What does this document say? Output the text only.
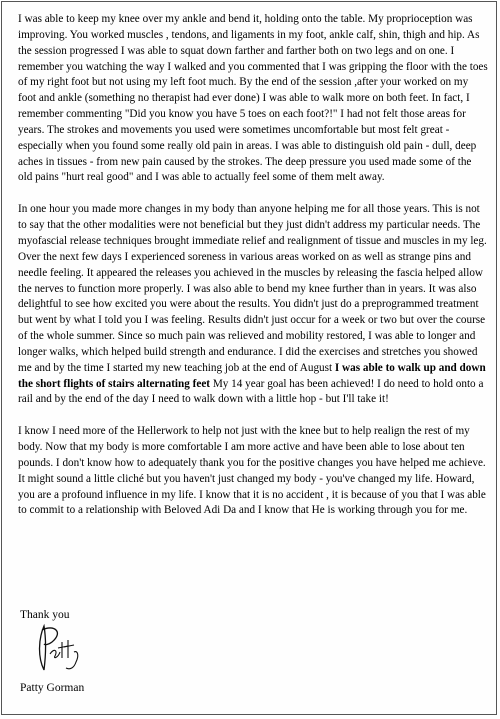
I was able to keep my knee over my ankle and bend it, holding onto the table. My proprioception was improving. You worked muscles , tendons, and ligaments in my foot, ankle calf, shin, thigh and hip. As the session progressed I was able to squat down farther and farther both on two legs and on one. I remember you watching the way I walked and you commented that I was gripping the floor with the toes of my right foot but not using my left foot much. By the end of the session ,after your worked on my foot and ankle (something no therapist had ever done) I was able to walk more on both feet. In fact, I remember commenting "Did you know you have 5 toes on each foot?!" I had not felt those areas for years. The strokes and movements you used were sometimes uncomfortable but most felt great - especially when you found some really old pain in areas. I was able to distinguish old pain - dull, deep aches in tissues - from new pain caused by the strokes. The deep pressure you used made some of the old pains "hurt real good" and I was able to actually feel some of them melt away.

In one hour you made more changes in my body than anyone helping me for all those years. This is not to say that the other modalities were not beneficial but they just didn't address my particular needs. The myofascial release techniques brought immediate relief and realignment of tissue and muscles in my leg. Over the next few days I experienced soreness in various areas worked on as well as strange pins and needle feeling. It appeared the releases you achieved in the muscles by releasing the fascia helped allow the nerves to function more properly. I was also able to bend my knee further than in years. It was also delightful to see how excited you were about the results. You didn't just do a preprogrammed treatment but went by what I told you I was feeling. Results didn't just occur for a week or two but over the course of the whole summer. Since so much pain was relieved and mobility restored, I was able to longer and longer walks, which helped build strength and endurance. I did the exercises and stretches you showed me and by the time I started my new teaching job at the end of August I was able to walk up and down the short flights of stairs alternating feet My 14 year goal has been achieved! I do need to hold onto a rail and by the end of the day I need to walk down with a little hop - but I'll take it!

I know I need more of the Hellerwork to help not just with the knee but to help realign the rest of my body. Now that my body is more comfortable I am more active and have been able to lose about ten pounds. I don't know how to adequately thank you for the positive changes you have helped me achieve. It might sound a little cliché but you haven't just changed my body - you've changed my life. Howard, you are a profound influence in my life. I know that it is no accident , it is because of you that I was able to commit to a relationship with Beloved Adi Da and I know that He is working through you for me.

Thank you
Patty Gorman
